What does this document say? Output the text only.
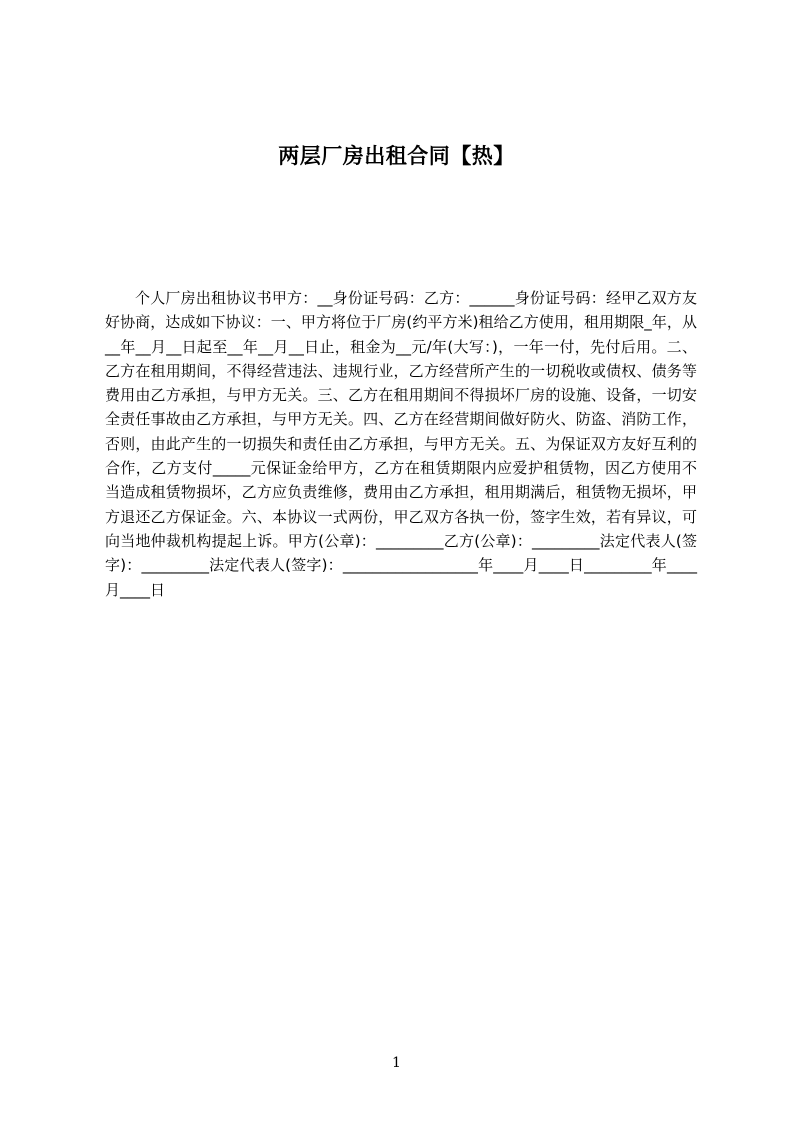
两层厂房出租合同【热】

个人厂房出租协议书甲方：__身份证号码：乙方：______身份证号码：经甲乙双方友好协商，达成如下协议：一、甲方将位于厂房(约平方米)租给乙方使用，租用期限_年，从__年__月__日起至__年__月__日止，租金为__元/年(大写：)，一年一付，先付后用。二、乙方在租用期间，不得经营违法、违规行业，乙方经营所产生的一切税收或债权、债务等费用由乙方承担，与甲方无关。三、乙方在租用期间不得损坏厂房的设施、设备，一切安全责任事故由乙方承担，与甲方无关。四、乙方在经营期间做好防火、防盗、消防工作，否则，由此产生的一切损失和责任由乙方承担，与甲方无关。五、为保证双方友好互利的合作，乙方支付_____元保证金给甲方，乙方在租赁期限内应爱护租赁物，因乙方使用不当造成租赁物损坏，乙方应负责维修，费用由乙方承担，租用期满后，租赁物无损坏，甲方退还乙方保证金。六、本协议一式两份，甲乙双方各执一份，签字生效，若有异议，可向当地仲裁机构提起上诉。甲方(公章)：_________乙方(公章)：_________法定代表人(签字)：_________法定代表人(签字)：__________________年____月____日_________年____月____日

1
